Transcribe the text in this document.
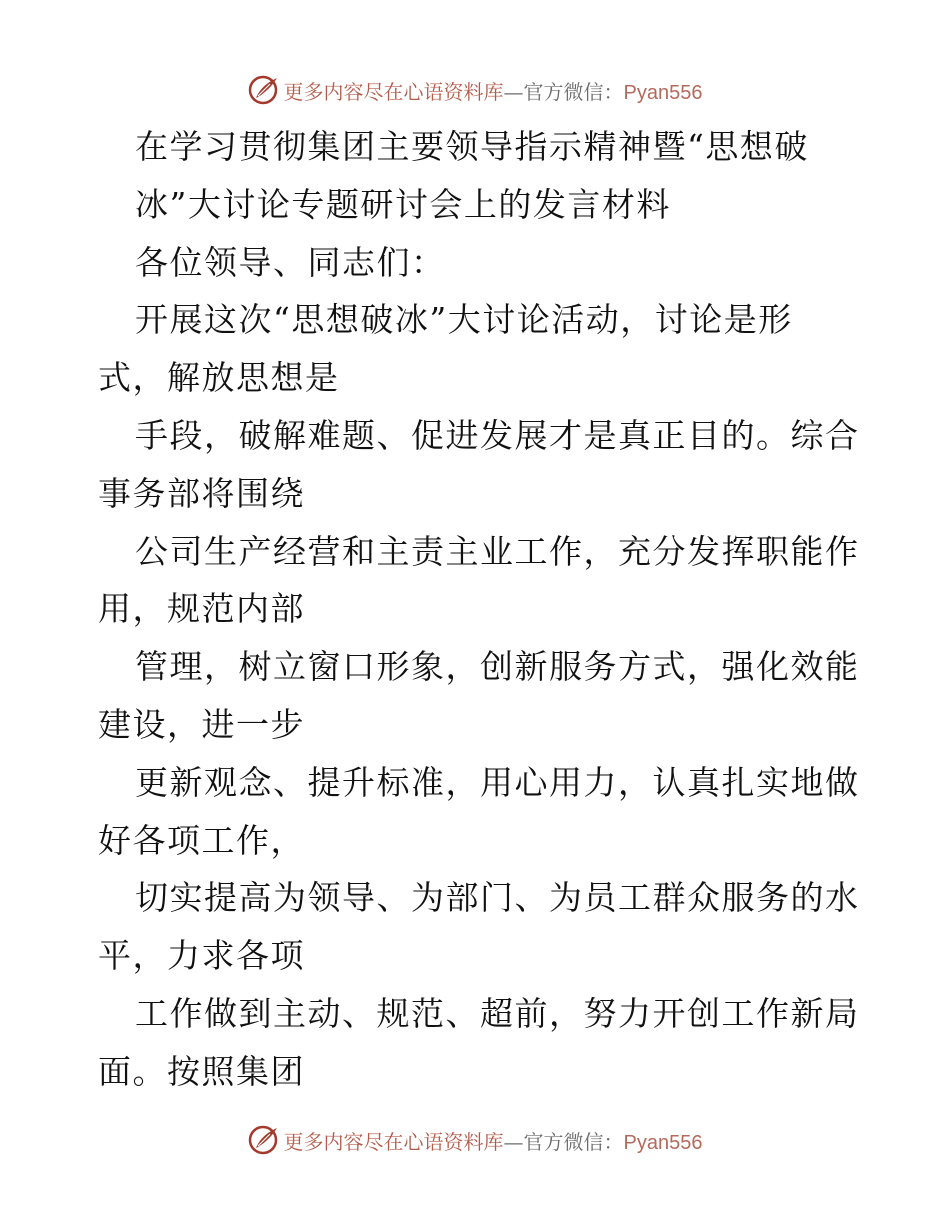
更多内容尽在心语资料库—官方微信：Pyan556
在学习贯彻集团主要领导指示精神暨“思想破
冰”大讨论专题研讨会上的发言材料
各位领导、同志们：
开展这次“思想破冰”大讨论活动，讨论是形
式，解放思想是
手段，破解难题、促进发展才是真正目的。综合
事务部将围绕
公司生产经营和主责主业工作，充分发挥职能作
用，规范内部
管理，树立窗口形象，创新服务方式，强化效能
建设，进一步
更新观念、提升标准，用心用力，认真扎实地做
好各项工作，
切实提高为领导、为部门、为员工群众服务的水
平，力求各项
工作做到主动、规范、超前，努力开创工作新局
面。按照集团
更多内容尽在心语资料库—官方微信：Pyan556
